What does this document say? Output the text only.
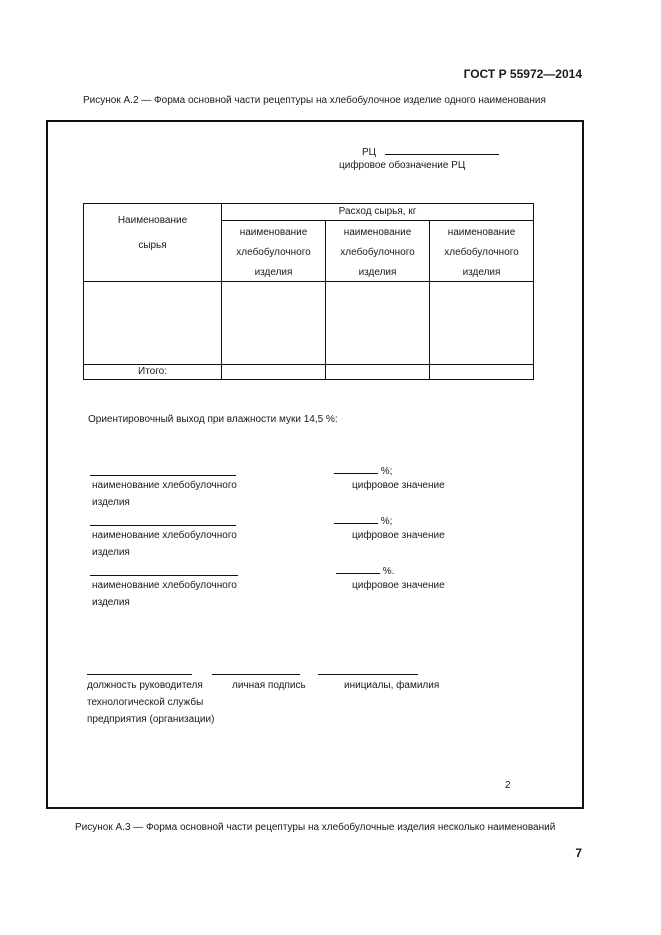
ГОСТ Р 55972—2014
Рисунок А.2 — Форма основной части рецептуры на хлебобулочное изделие одного наименования
РЦ
цифровое обозначение РЦ
Наименование
сырья	Расход сырья, кг		

	наименование
хлебобулочного
изделия	наименование
хлебобулочного
изделия	наименование
хлебобулочного
изделия

Итого:			
Ориентировочный выход при влажности муки 14,5 %:
%;
наименование хлебобулочного	цифровое значение
изделия
%;
наименование хлебобулочного	цифровое значение
изделия
%.
наименование хлебобулочного	цифровое значение
изделия
должность руководителя	личная подпись	инициалы, фамилия
технологической службы
предприятия (организации)
2
Рисунок А.3 — Форма основной части рецептуры на хлебобулочные изделия несколько наименований
7
